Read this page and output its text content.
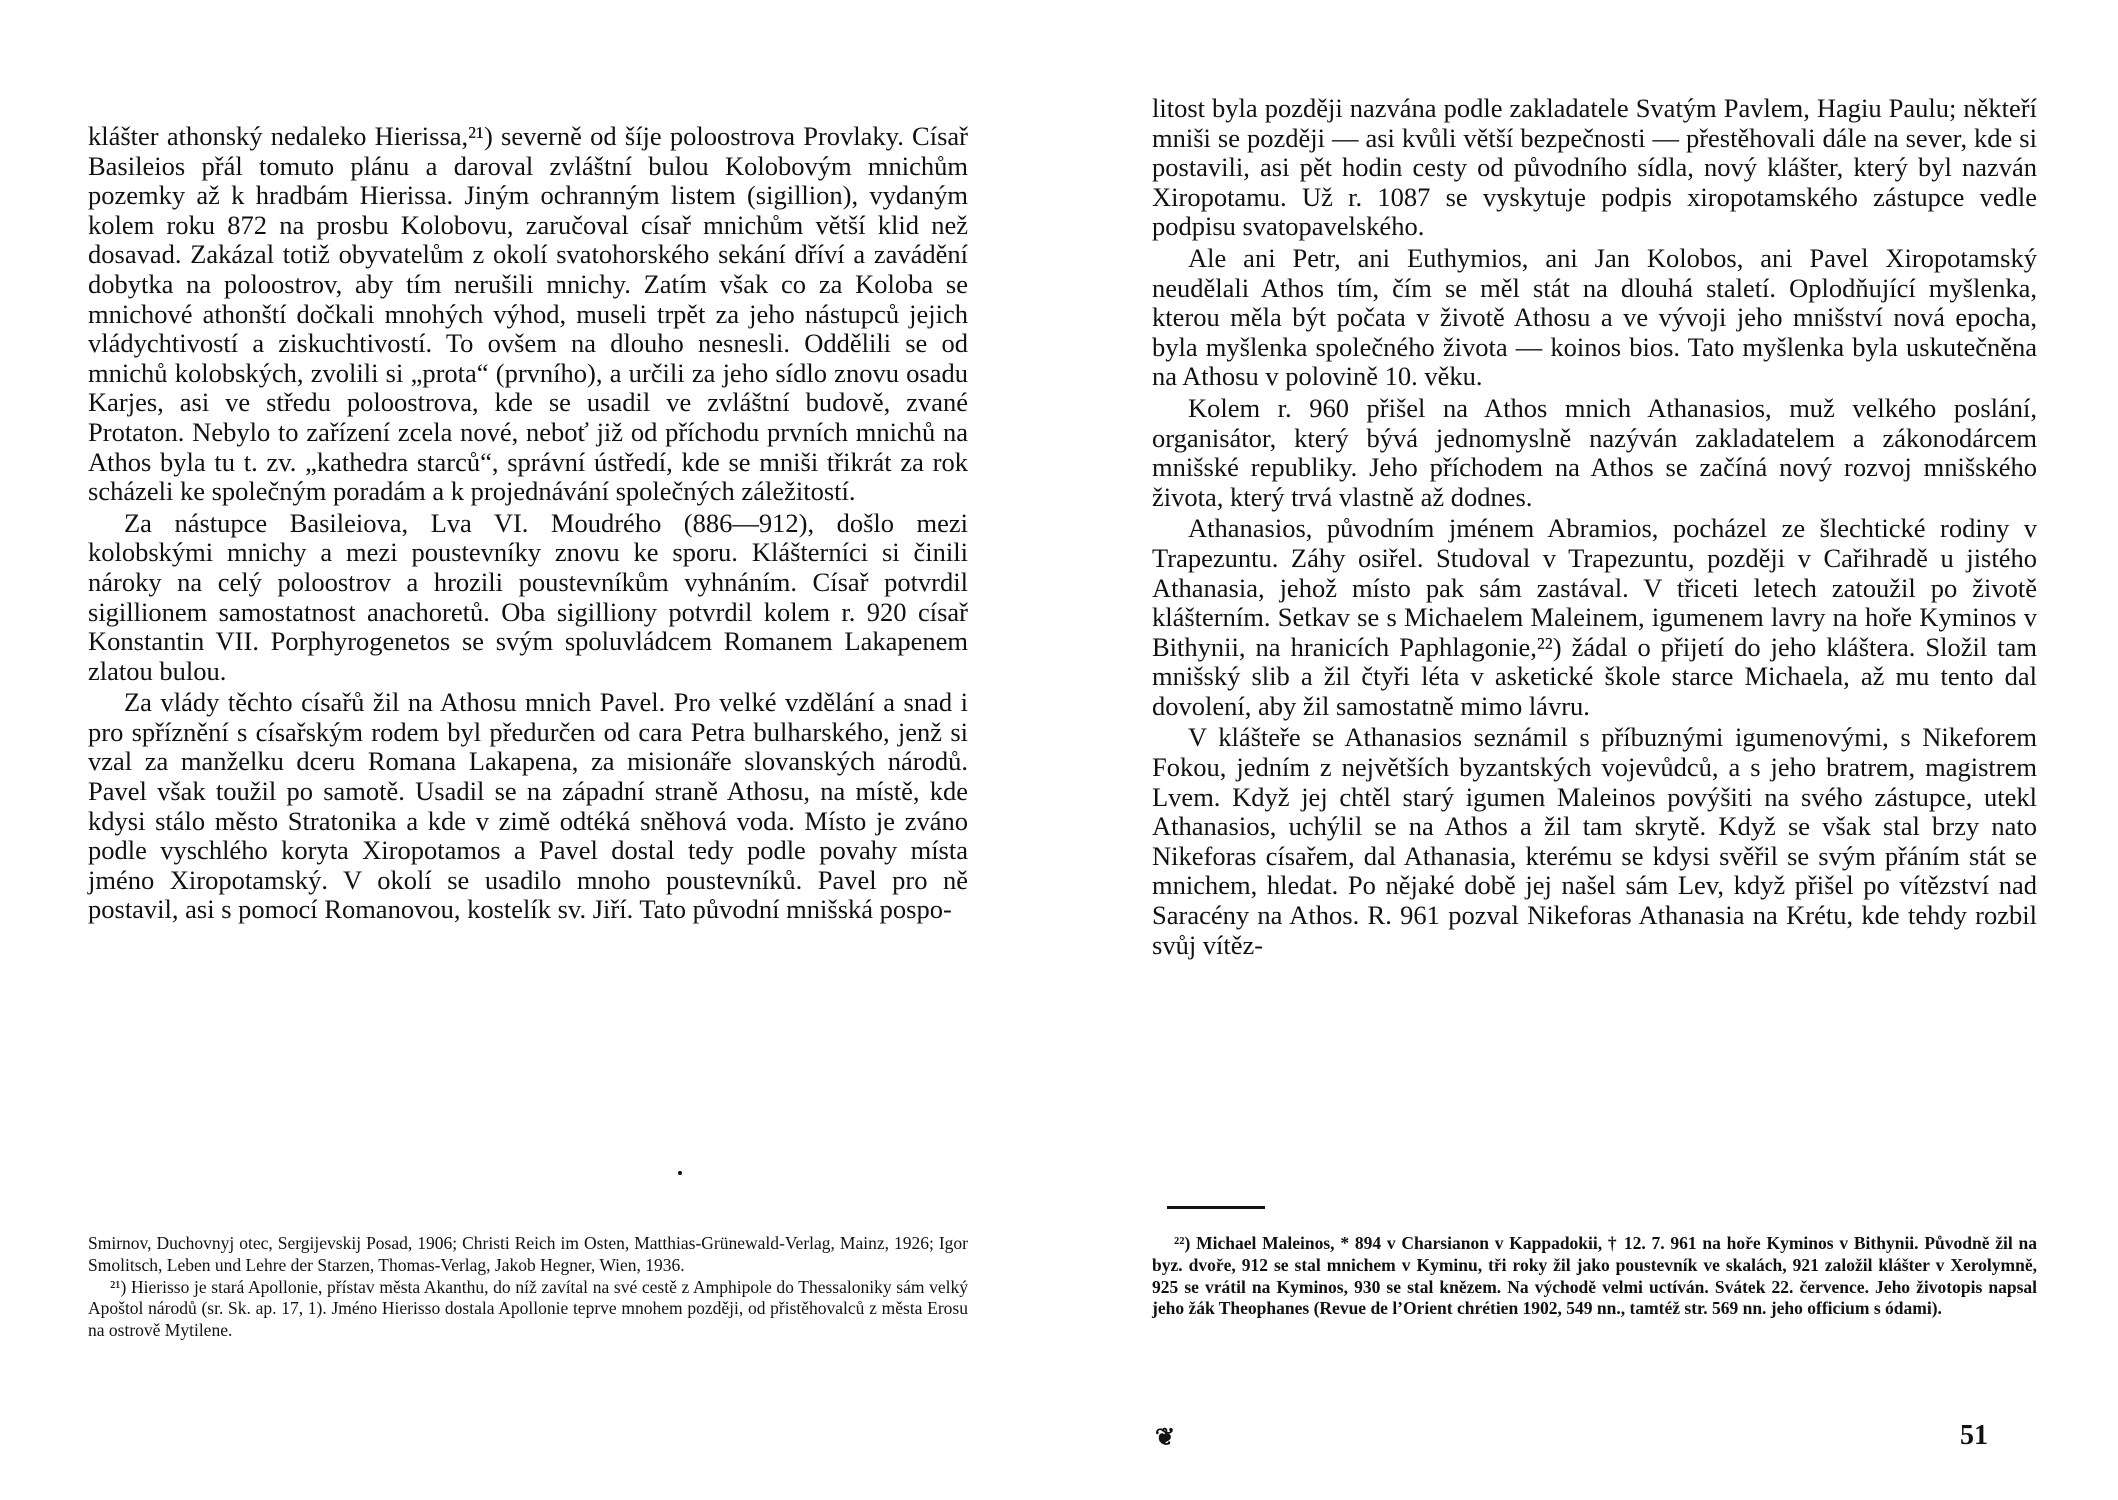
klášter athonský nedaleko Hierissa,²¹) severně od šíje poloostrova Provlaky. Císař Basileios přál tomuto plánu a daroval zvláštní bulou Kolobovým mnichům pozemky až k hradbám Hierissa. Jiným ochranným listem (sigillion), vydaným kolem roku 872 na prosbu Kolobovu, zaručoval císař mnichům větší klid než dosavad. Zakázal totiž obyvatelům z okolí svatohorského sekání dříví a zavádění dobytka na poloostrov, aby tím nerušili mnichy. Zatím však co za Koloba se mnichové athonští dočkali mnohých výhod, museli trpět za jeho nástupců jejich vládychtivostí a ziskuchtivostí. To ovšem na dlouho nesnesli. Oddělili se od mnichů kolobských, zvolili si „prota“ (prvního), a určili za jeho sídlo znovu osadu Karjes, asi ve středu poloostrova, kde se usadil ve zvláštní budově, zvané Protaton. Nebylo to zařízení zcela nové, neboť již od příchodu prvních mnichů na Athos byla tu t. zv. „kathedra starců“, správní ústředí, kde se mniši třikrát za rok scházeli ke společným poradám a k projednávání společných záležitostí.

Za nástupce Basileiova, Lva VI. Moudrého (886—912), došlo mezi kolobskými mnichy a mezi poustevníky znovu ke sporu. Klášterníci si činili nároky na celý poloostrov a hrozili poustevníkům vyhnáním. Císař potvrdil sigillionem samostatnost anachoretů. Oba sigilliony potvrdil kolem r. 920 císař Konstantin VII. Porphyrogenetos se svým spoluvládcem Romanem Lakapenem zlatou bulou.

Za vlády těchto císařů žil na Athosu mnich Pavel. Pro velké vzdělání a snad i pro spříznění s císařským rodem byl předurčen od cara Petra bulharského, jenž si vzal za manželku dceru Romana Lakapena, za misionáře slovanských národů. Pavel však toužil po samotě. Usadil se na západní straně Athosu, na místě, kde kdysi stálo město Stratonika a kde v zimě odtéká sněhová voda. Místo je zváno podle vyschlého koryta Xiropotamos a Pavel dostal tedy podle povahy místa jméno Xiropotamský. V okolí se usadilo mnoho poustevníků. Pavel pro ně postavil, asi s pomocí Romanovou, kostelík sv. Jiří. Tato původní mnišská pospo-

Smirnov, Duchovnyj otec, Sergijevskij Posad, 1906; Christi Reich im Osten, Matthias-Grünewald-Verlag, Mainz, 1926; Igor Smolitsch, Leben und Lehre der Starzen, Thomas-Verlag, Jakob Hegner, Wien, 1936.

²¹) Hierisso je stará Apollonie, přístav města Akanthu, do níž zavítal na své cestě z Amphipole do Thessaloniky sám velký Apoštol národů (sr. Sk. ap. 17, 1). Jméno Hierisso dostala Apollonie teprve mnohem později, od přistěhovalců z města Erosu na ostrově Mytilene.

litost byla později nazvána podle zakladatele Svatým Pavlem, Hagiu Paulu; někteří mniši se později — asi kvůli větší bezpečnosti — přestěhovali dále na sever, kde si postavili, asi pět hodin cesty od původního sídla, nový klášter, který byl nazván Xiropotamu. Už r. 1087 se vyskytuje podpis xiropotamského zástupce vedle podpisu svatopavelského.

Ale ani Petr, ani Euthymios, ani Jan Kolobos, ani Pavel Xiropotamský neudělali Athos tím, čím se měl stát na dlouhá staletí. Oplodňující myšlenka, kterou měla být počata v životě Athosu a ve vývoji jeho mnišství nová epocha, byla myšlenka společného života — koinos bios. Tato myšlenka byla uskutečněna na Athosu v polovině 10. věku.

Kolem r. 960 přišel na Athos mnich Athanasios, muž velkého poslání, organisátor, který bývá jednomyslně nazýván zakladatelem a zákonodárcem mnišské republiky. Jeho příchodem na Athos se začíná nový rozvoj mnišského života, který trvá vlastně až dodnes.

Athanasios, původním jménem Abramios, pocházel ze šlechtické rodiny v Trapezuntu. Záhy osiřel. Studoval v Trapezuntu, později v Cařihradě u jistého Athanasia, jehož místo pak sám zastával. V třiceti letech zatoužil po životě klášterním. Setkav se s Michaelem Maleinem, igumenem lavry na hoře Kyminos v Bithynii, na hranicích Paphlagonie,²²) žádal o přijetí do jeho kláštera. Složil tam mnišský slib a žil čtyři léta v asketické škole starce Michaela, až mu tento dal dovolení, aby žil samostatně mimo lávru.

V klášteře se Athanasios seznámil s příbuznými igumenovými, s Nikeforem Fokou, jedním z největších byzantských vojevůdců, a s jeho bratrem, magistrem Lvem. Když jej chtěl starý igumen Maleinos povýšiti na svého zástupce, utekl Athanasios, uchýlil se na Athos a žil tam skrytě. Když se však stal brzy nato Nikeforas císařem, dal Athanasia, kterému se kdysi svěřil se svým přáním stát se mnichem, hledat. Po nějaké době jej našel sám Lev, když přišel po vítězství nad Saracény na Athos. R. 961 pozval Nikeforas Athanasia na Krétu, kde tehdy rozbil svůj vítěz-

²²) Michael Maleinos, * 894 v Charsianon v Kappadokii, † 12. 7. 961 na hoře Kyminos v Bithynii. Původně žil na byz. dvoře, 912 se stal mnichem v Kyminu, tři roky žil jako poustevník ve skalách, 921 založil klášter v Xerolymně, 925 se vrátil na Kyminos, 930 se stal knězem. Na východě velmi uctíván. Svátek 22. července. Jeho životopis napsal jeho žák Theophanes (Revue de l’Orient chrétien 1902, 549 nn., tamtéž str. 569 nn. jeho officium s ódami).

❦	51
